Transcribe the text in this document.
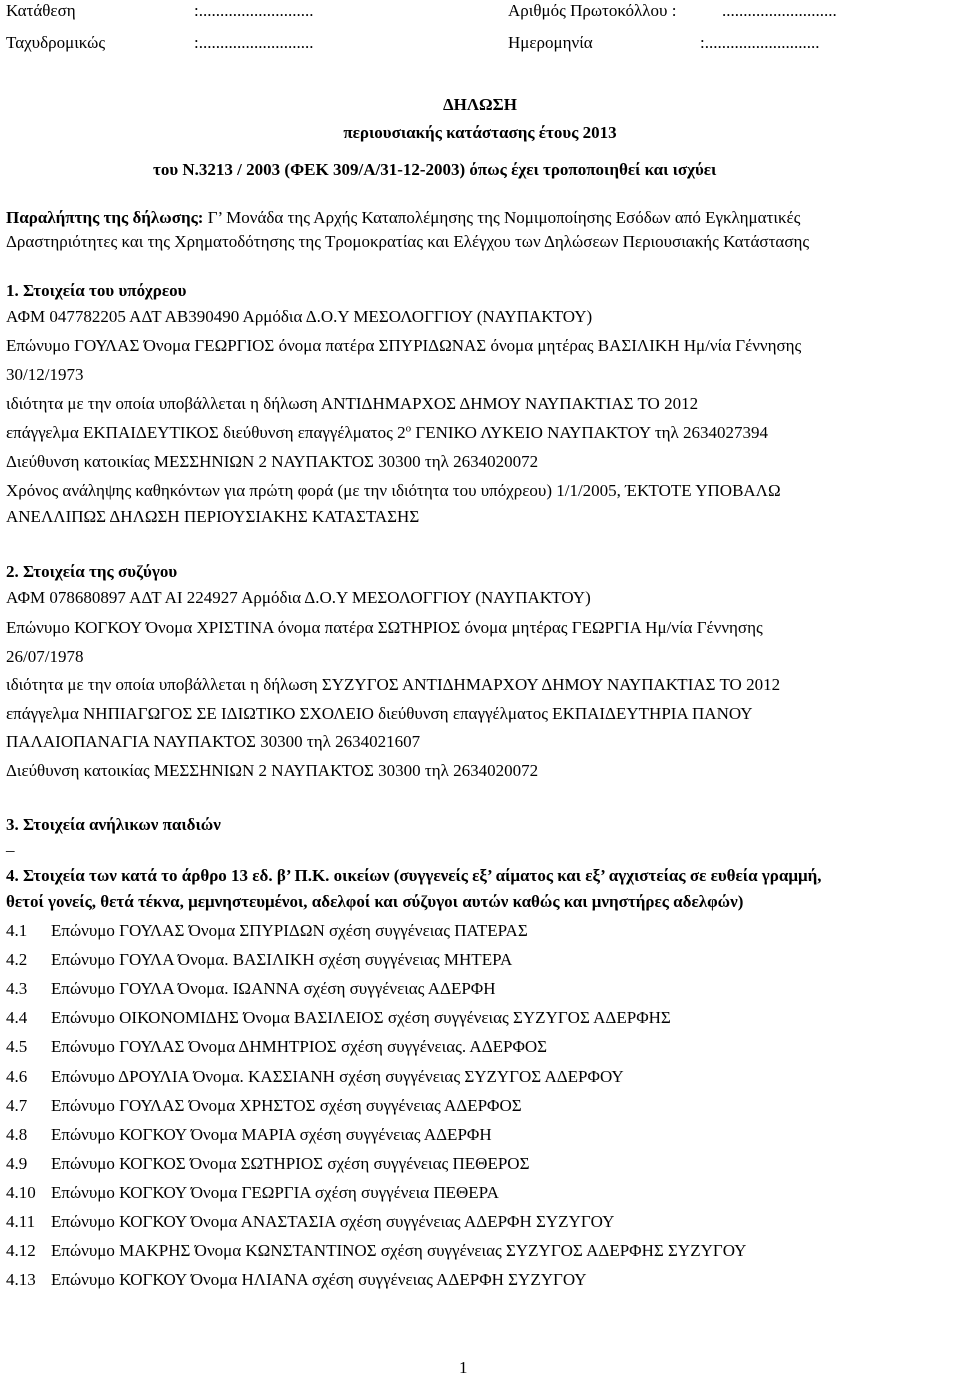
Κατάθεση	:...........................	Αριθμός Πρωτοκόλλου :	...........................
Ταχυδρομικώς	:...........................	Ημερομηνία	:...........................
ΔΗΛΩΣΗ
περιουσιακής κατάστασης έτους 2013
του Ν.3213 / 2003 (ΦΕΚ 309/Α/31-12-2003) όπως έχει τροποποιηθεί και ισχύει
Παραλήπτης της δήλωσης: Γ’ Μονάδα της Αρχής Καταπολέμησης της Νομιμοποίησης Εσόδων από Εγκληματικές
Δραστηριότητες και της Χρηματοδότησης της Τρομοκρατίας και Ελέγχου των Δηλώσεων Περιουσιακής Κατάστασης
1. Στοιχεία του υπόχρεου
ΑΦΜ 047782205 ΑΔΤ ΑΒ390490 Αρμόδια Δ.Ο.Υ ΜΕΣΟΛΟΓΓΙΟΥ (ΝΑΥΠΑΚΤΟΥ)
Επώνυμο ΓΟΥΛΑΣ Όνομα ΓΕΩΡΓΙΟΣ όνομα πατέρα ΣΠΥΡΙΔΩΝΑΣ όνομα μητέρας ΒΑΣΙΛΙΚΗ Ημ/νία Γέννησης
30/12/1973
ιδιότητα με την οποία υποβάλλεται η δήλωση ΑΝΤΙΔΗΜΑΡΧΟΣ ΔΗΜΟΥ ΝΑΥΠΑΚΤΙΑΣ ΤΟ 2012
επάγγελμα ΕΚΠΑΙΔΕΥΤΙΚΟΣ διεύθυνση επαγγέλματος $2^o$ ΓΕΝΙΚΟ ΛΥΚΕΙΟ ΝΑΥΠΑΚΤΟΥ τηλ 2634027394
Διεύθυνση κατοικίας ΜΕΣΣΗΝΙΩΝ 2 ΝΑΥΠΑΚΤΟΣ 30300 τηλ 2634020072
Χρόνος ανάληψης καθηκόντων για πρώτη φορά (με την ιδιότητα του υπόχρεου) 1/1/2005, ΈΚΤΟΤΕ ΥΠΟΒΑΛΩ
ΑΝΕΛΛΙΠΩΣ ΔΗΛΩΣΗ ΠΕΡΙΟΥΣΙΑΚΗΣ ΚΑΤΑΣΤΑΣΗΣ
2. Στοιχεία της συζύγου
ΑΦΜ 078680897 ΑΔΤ ΑΙ 224927 Αρμόδια Δ.Ο.Υ ΜΕΣΟΛΟΓΓΙΟΥ (ΝΑΥΠΑΚΤΟΥ)
Επώνυμο ΚΟΓΚΟΥ Όνομα ΧΡΙΣΤΙΝΑ όνομα πατέρα ΣΩΤΗΡΙΟΣ όνομα μητέρας ΓΕΩΡΓΙΑ Ημ/νία Γέννησης
26/07/1978
ιδιότητα με την οποία υποβάλλεται η δήλωση ΣΥΖΥΓΟΣ ΑΝΤΙΔΗΜΑΡΧΟΥ ΔΗΜΟΥ ΝΑΥΠΑΚΤΙΑΣ ΤΟ 2012
επάγγελμα ΝΗΠΙΑΓΩΓΟΣ ΣΕ ΙΔΙΩΤΙΚΟ ΣΧΟΛΕΙΟ διεύθυνση επαγγέλματος ΕΚΠΑΙΔΕΥΤΗΡΙΑ ΠΑΝΟΥ
ΠΑΛΑΙΟΠΑΝΑΓΙΑ ΝΑΥΠΑΚΤΟΣ 30300 τηλ 2634021607
Διεύθυνση κατοικίας ΜΕΣΣΗΝΙΩΝ 2 ΝΑΥΠΑΚΤΟΣ 30300 τηλ 2634020072
3. Στοιχεία ανήλικων παιδιών
_
4. Στοιχεία των κατά το άρθρο 13 εδ. β’ Π.Κ. οικείων (συγγενείς εξ’ αίματος και εξ’ αγχιστείας σε ευθεία γραμμή,
θετοί γονείς, θετά τέκνα, μεμνηστευμένοι, αδελφοί και σύζυγοι αυτών καθώς και μνηστήρες αδελφών)
4.1 Επώνυμο ΓΟΥΛΑΣ Όνομα ΣΠΥΡΙΔΩΝ σχέση συγγένειας ΠΑΤΕΡΑΣ
4.2 Επώνυμο ΓΟΥΛΑ Όνομα. ΒΑΣΙΛΙΚΗ σχέση συγγένειας ΜΗΤΕΡΑ
4.3 Επώνυμο ΓΟΥΛΑ Όνομα. ΙΩΑΝΝΑ σχέση συγγένειας ΑΔΕΡΦΗ
4.4 Επώνυμο ΟΙΚΟΝΟΜΙΔΗΣ Όνομα ΒΑΣΙΛΕΙΟΣ σχέση συγγένειας ΣΥΖΥΓΟΣ ΑΔΕΡΦΗΣ
4.5 Επώνυμο ΓΟΥΛΑΣ Όνομα ΔΗΜΗΤΡΙΟΣ σχέση συγγένειας. ΑΔΕΡΦΟΣ
4.6 Επώνυμο ΔΡΟΥΛΙΑ Όνομα. ΚΑΣΣΙΑΝΗ σχέση συγγένειας ΣΥΖΥΓΟΣ ΑΔΕΡΦΟΥ
4.7 Επώνυμο ΓΟΥΛΑΣ Όνομα ΧΡΗΣΤΟΣ σχέση συγγένειας ΑΔΕΡΦΟΣ
4.8 Επώνυμο ΚΟΓΚΟΥ Όνομα ΜΑΡΙΑ σχέση συγγένειας ΑΔΕΡΦΗ
4.9 Επώνυμο ΚΟΓΚΟΣ Όνομα ΣΩΤΗΡΙΟΣ σχέση συγγένειας ΠΕΘΕΡΟΣ
4.10 Επώνυμο ΚΟΓΚΟΥ Όνομα ΓΕΩΡΓΙΑ σχέση συγγένεια ΠΕΘΕΡΑ
4.11 Επώνυμο ΚΟΓΚΟΥ Όνομα ΑΝΑΣΤΑΣΙΑ σχέση συγγένειας ΑΔΕΡΦΗ ΣΥΖΥΓΟΥ
4.12 Επώνυμο ΜΑΚΡΗΣ Όνομα ΚΩΝΣΤΑΝΤΙΝΟΣ σχέση συγγένειας ΣΥΖΥΓΟΣ ΑΔΕΡΦΗΣ ΣΥΖΥΓΟΥ
4.13 Επώνυμο ΚΟΓΚΟΥ Όνομα ΗΛΙΑΝΑ σχέση συγγένειας ΑΔΕΡΦΗ ΣΥΖΥΓΟΥ
1
